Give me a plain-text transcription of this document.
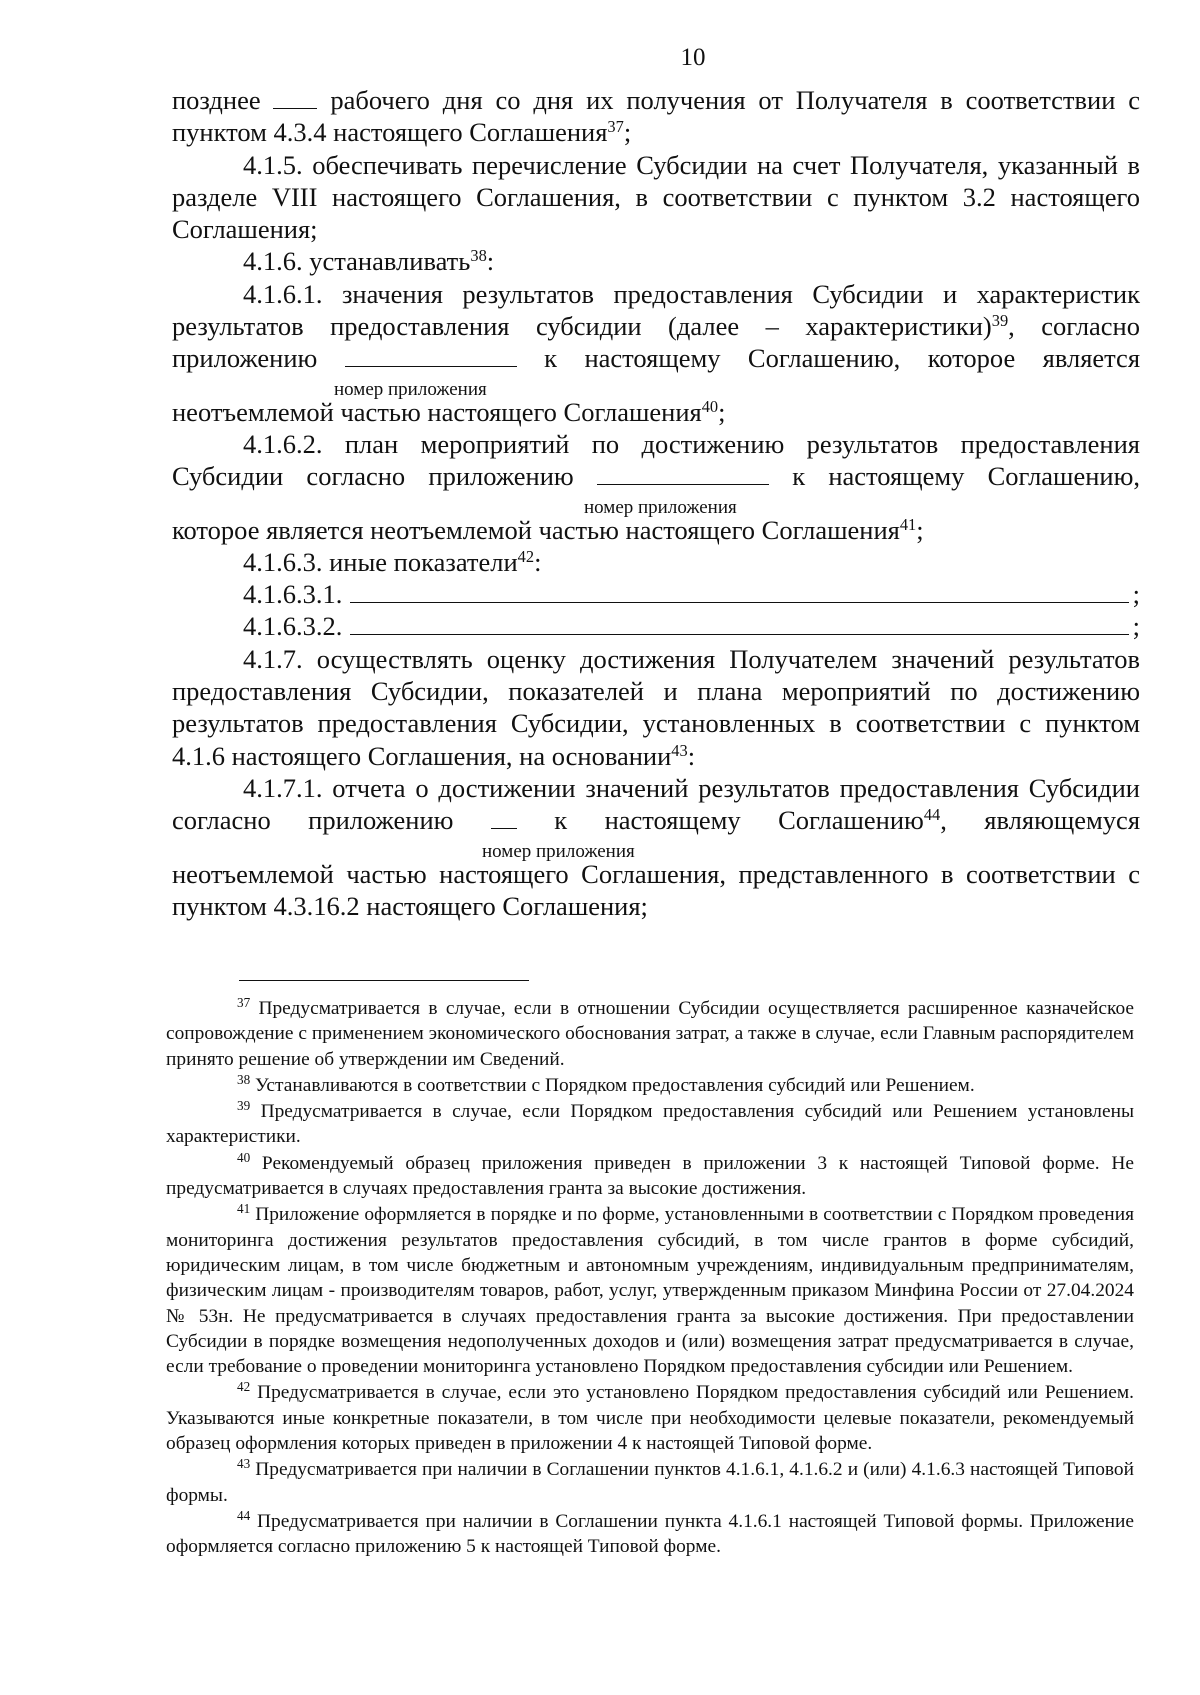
10

позднее	рабочего дня со дня их получения от Получателя в соответствии с пунктом 4.3.4 настоящего Соглашения$^{37}$;

4.1.5. обеспечивать перечисление Субсидии на счет Получателя, указанный в разделе VIII настоящего Соглашения, в соответствии с пунктом 3.2 настоящего Соглашения;

4.1.6. устанавливать$^{38}$:

4.1.6.1. значения результатов предоставления Субсидии и характеристик результатов предоставления субсидии (далее – характеристики)$^{39}$, согласно приложению	к настоящему Соглашению, которое является

номер приложения

неотъемлемой частью настоящего Соглашения$^{40}$;

4.1.6.2. план мероприятий по достижению результатов предоставления Субсидии согласно приложению	к настоящему Соглашению,

номер приложения

которое является неотъемлемой частью настоящего Соглашения$^{41}$;

4.1.6.3. иные показатели$^{42}$:

4.1.6.3.1.	;
4.1.6.3.2.	;

4.1.7. осуществлять оценку достижения Получателем значений результатов предоставления Субсидии, показателей и плана мероприятий по достижению результатов предоставления Субсидии, установленных в соответствии с пунктом 4.1.6 настоящего Соглашения, на основании$^{43}$:

4.1.7.1. отчета о достижении значений результатов предоставления Субсидии согласно приложению	к настоящему Соглашению$^{44}$, являющемуся

номер приложения

неотъемлемой частью настоящего Соглашения, представленного в соответствии с пунктом 4.3.16.2 настоящего Соглашения;

$^{37}$ Предусматривается в случае, если в отношении Субсидии осуществляется расширенное казначейское сопровождение с применением экономического обоснования затрат, а также в случае, если Главным распорядителем принято решение об утверждении им Сведений.

$^{38}$ Устанавливаются в соответствии с Порядком предоставления субсидий или Решением.

$^{39}$ Предусматривается в случае, если Порядком предоставления субсидий или Решением установлены характеристики.

$^{40}$ Рекомендуемый образец приложения приведен в приложении 3 к настоящей Типовой форме. Не предусматривается в случаях предоставления гранта за высокие достижения.

$^{41}$ Приложение оформляется в порядке и по форме, установленными в соответствии с Порядком проведения мониторинга достижения результатов предоставления субсидий, в том числе грантов в форме субсидий, юридическим лицам, в том числе бюджетным и автономным учреждениям, индивидуальным предпринимателям, физическим лицам - производителям товаров, работ, услуг, утвержденным приказом Минфина России от 27.04.2024 № 53н. Не предусматривается в случаях предоставления гранта за высокие достижения. При предоставлении Субсидии в порядке возмещения недополученных доходов и (или) возмещения затрат предусматривается в случае, если требование о проведении мониторинга установлено Порядком предоставления субсидии или Решением.

$^{42}$ Предусматривается в случае, если это установлено Порядком предоставления субсидий или Решением. Указываются иные конкретные показатели, в том числе при необходимости целевые показатели, рекомендуемый образец оформления которых приведен в приложении 4 к настоящей Типовой форме.

$^{43}$ Предусматривается при наличии в Соглашении пунктов 4.1.6.1, 4.1.6.2 и (или) 4.1.6.3 настоящей Типовой формы.

$^{44}$ Предусматривается при наличии в Соглашении пункта 4.1.6.1 настоящей Типовой формы. Приложение оформляется согласно приложению 5 к настоящей Типовой форме.
